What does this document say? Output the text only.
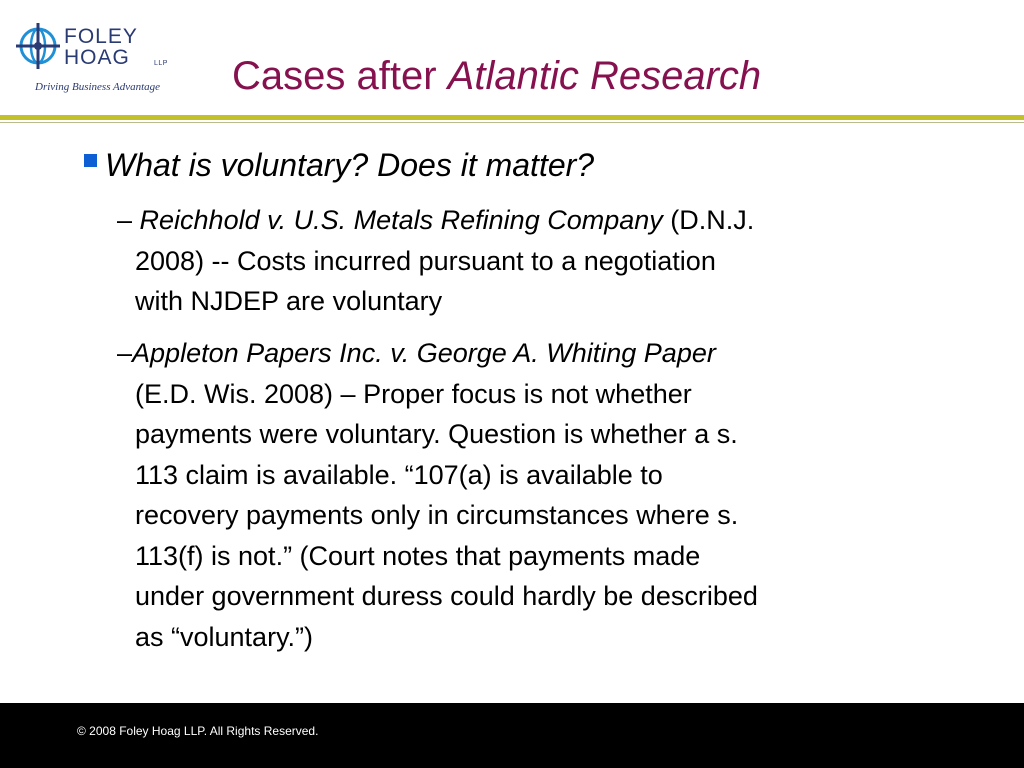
FOLEY
HOAG	LLP
Driving Business Advantage Cases after Atlantic Research

What is voluntary? Does it matter?

– Reichhold v. U.S. Metals Refining Company (D.N.J.
2008) -- Costs incurred pursuant to a negotiation
with NJDEP are voluntary
–Appleton Papers Inc. v. George A. Whiting Paper
(E.D. Wis. 2008) – Proper focus is not whether
payments were voluntary. Question is whether a s.
113 claim is available. “107(a) is available to
recovery payments only in circumstances where s.
113(f) is not.” (Court notes that payments made
under government duress could hardly be described
as “voluntary.”)
© 2008 Foley Hoag LLP. All Rights Reserved.
